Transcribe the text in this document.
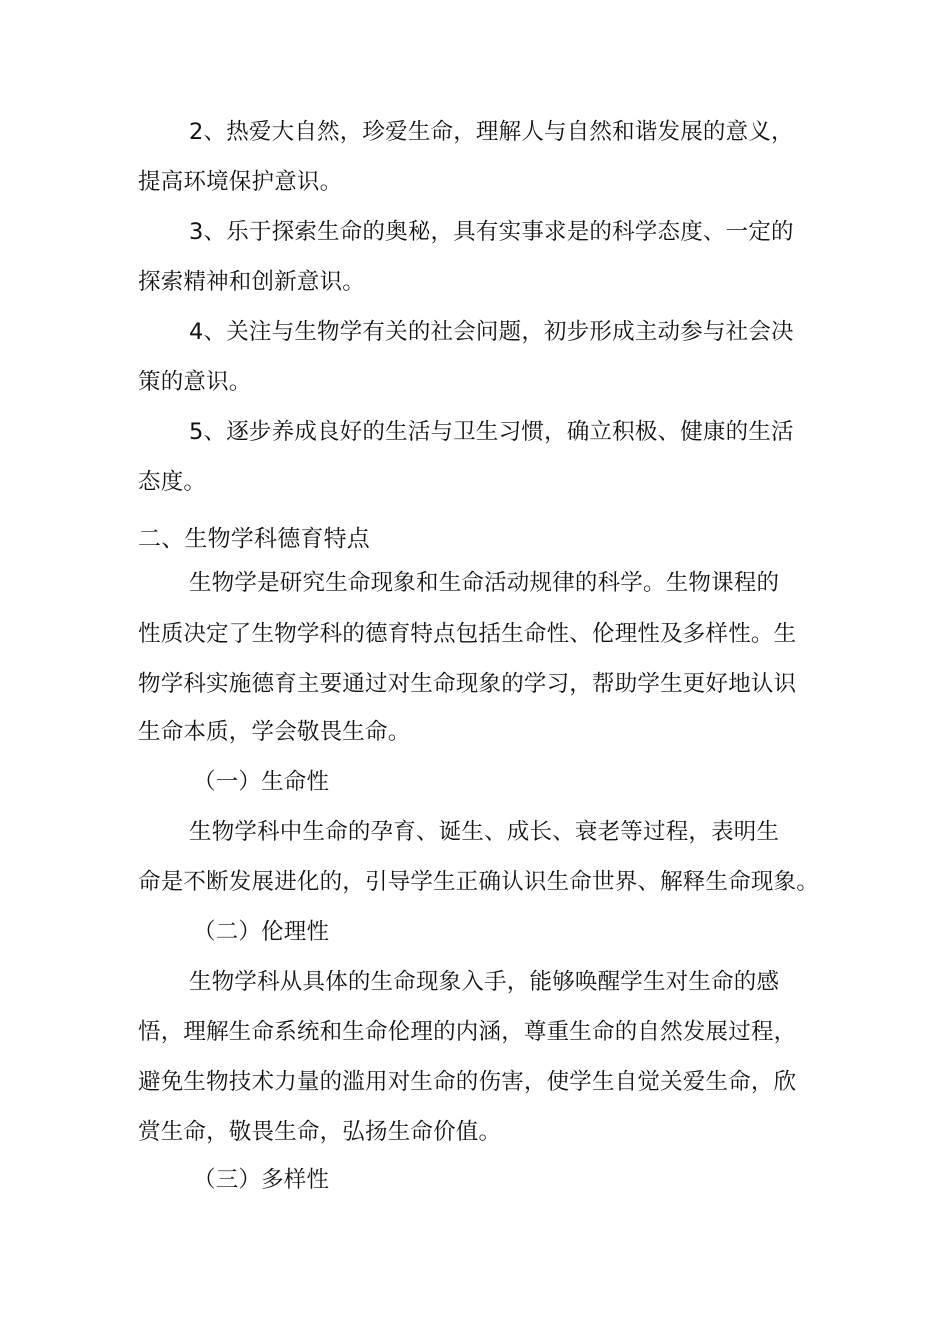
2、热爱大自然，珍爱生命，理解人与自然和谐发展的意义，
提高环境保护意识。
3、乐于探索生命的奥秘，具有实事求是的科学态度、一定的
探索精神和创新意识。
4、关注与生物学有关的社会问题，初步形成主动参与社会决
策的意识。
5、逐步养成良好的生活与卫生习惯，确立积极、健康的生活
态度。
二、生物学科德育特点
生物学是研究生命现象和生命活动规律的科学。生物课程的
性质决定了生物学科的德育特点包括生命性、伦理性及多样性。生
物学科实施德育主要通过对生命现象的学习，帮助学生更好地认识
生命本质，学会敬畏生命。
（一）生命性
生物学科中生命的孕育、诞生、成长、衰老等过程，表明生
命是不断发展进化的，引导学生正确认识生命世界、解释生命现象。
（二）伦理性
生物学科从具体的生命现象入手，能够唤醒学生对生命的感
悟，理解生命系统和生命伦理的内涵，尊重生命的自然发展过程，
避免生物技术力量的滥用对生命的伤害，使学生自觉关爱生命，欣
赏生命，敬畏生命，弘扬生命价值。
（三）多样性
